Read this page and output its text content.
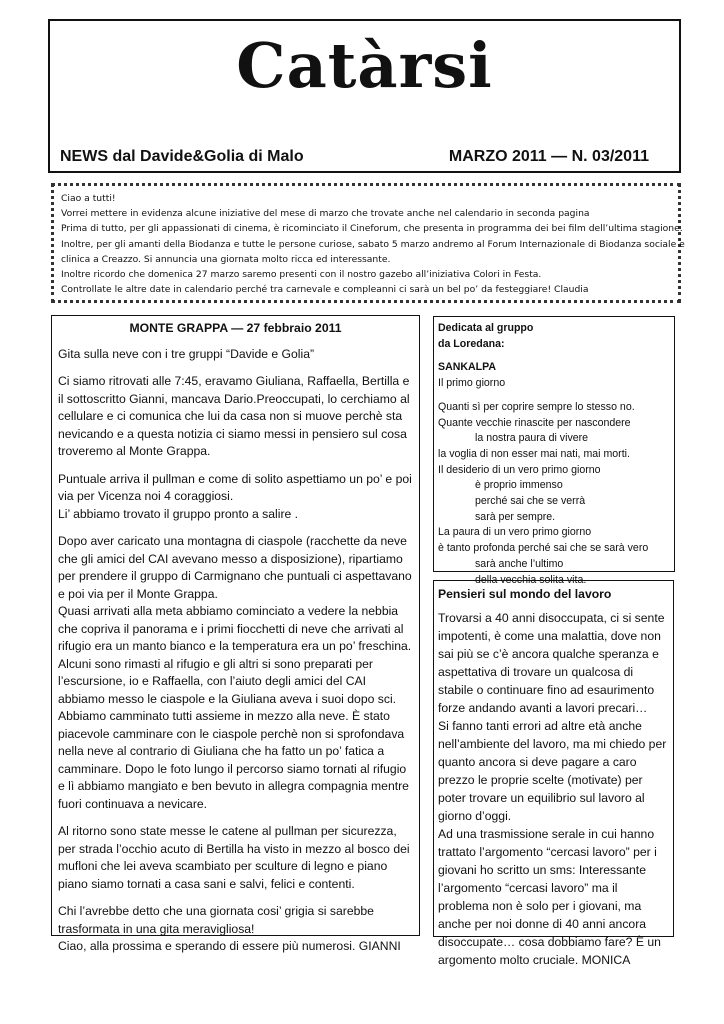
Catàrsi
NEWS dal Davide&Golia di Malo	MARZO 2011 — N. 03/2011

Ciao a tutti!

Vorrei mettere in evidenza alcune iniziative del mese di marzo che trovate anche nel calendario in seconda pagina

Prima di tutto, per gli appassionati di cinema, è ricominciato il Cineforum, che presenta in programma dei bei film dell’ultima stagione.

Inoltre, per gli amanti della Biodanza e tutte le persone curiose, sabato 5 marzo andremo al Forum Internazionale di Biodanza sociale e

clinica a Creazzo. Si annuncia una giornata molto ricca ed interessante.

Inoltre ricordo che domenica 27 marzo saremo presenti con il nostro gazebo all’iniziativa Colori in Festa.

Controllate le altre date in calendario perché tra carnevale e compleanni ci sarà un bel po’ da festeggiare! Claudia

MONTE GRAPPA — 27 febbraio 2011

Gita sulla neve con i tre gruppi “Davide e Golia”

Ci siamo ritrovati alle 7:45, eravamo Giuliana, Raffaella, Bertilla e il sottoscritto Gianni, mancava Dario.Preoccupati, lo cerchiamo al cellulare e ci comunica che lui da casa non si muove perchè sta nevicando e a questa notizia ci siamo messi in pensiero sul cosa troveremo al Monte Grappa.

Puntuale arriva il pullman e come di solito aspettiamo un po’ e poi via per Vicenza noi 4 coraggiosi.
Li’ abbiamo trovato il gruppo pronto a salire .

Dopo aver caricato una montagna di ciaspole (racchette da neve che gli amici del CAI avevano messo a disposizione), ripartiamo per prendere il gruppo di Carmignano che puntuali ci aspettavano e poi via per il Monte Grappa.
Quasi arrivati alla meta abbiamo cominciato a vedere la nebbia che copriva il panorama e i primi fiocchetti di neve che arrivati al rifugio era un manto bianco e la temperatura era un po’ freschina. Alcuni sono rimasti al rifugio e gli altri si sono preparati per l’escursione, io e Raffaella, con l’aiuto degli amici del CAI abbiamo messo le ciaspole e la Giuliana aveva i suoi dopo sci.
Abbiamo camminato tutti assieme in mezzo alla neve. È stato piacevole camminare con le ciaspole perchè non si sprofondava nella neve al contrario di Giuliana che ha fatto un po’ fatica a camminare. Dopo le foto lungo il percorso siamo tornati al rifugio e lì abbiamo mangiato e ben bevuto in allegra compagnia mentre fuori continuava a nevicare.

Al ritorno sono state messe le catene al pullman per sicurezza, per strada l’occhio acuto di Bertilla ha visto in mezzo al bosco dei mufloni che lei aveva scambiato per sculture di legno e piano piano siamo tornati a casa sani e salvi, felici e contenti.

Chi l’avrebbe detto che una giornata cosi’ grigia si sarebbe trasformata in una gita meravigliosa!
Ciao, alla prossima e sperando di essere più numerosi. GIANNI

Dedicata al gruppo

da Loredana:

SANKALPA

Il primo giorno

Quanti sì per coprire sempre lo stesso no.

Quante vecchie rinascite per nascondere

la nostra paura di vivere

la voglia di non esser mai nati, mai morti.

Il desiderio di un vero primo giorno

è proprio immenso

perché sai che se verrà

sarà per sempre.

La paura di un vero primo giorno

è tanto profonda perché sai che se sarà vero

sarà anche l’ultimo

della vecchia solita vita.

Pensieri sul mondo del lavoro

Trovarsi a 40 anni disoccupata, ci si sente impotenti, è come una malattia, dove non sai più se c’è ancora qualche speranza e aspettativa di trovare un qualcosa di stabile o continuare fino ad esaurimento forze andando avanti a lavori precari…

Si fanno tanti errori ad altre età anche nell’ambiente del lavoro, ma mi chiedo per quanto ancora si deve pagare a caro prezzo le proprie scelte (motivate) per poter trovare un equilibrio sul lavoro al giorno d’oggi.

Ad una trasmissione serale in cui hanno trattato l’argomento “cercasi lavoro” per i giovani ho scritto un sms: Interessante l’argomento “cercasi lavoro” ma il problema non è solo per i giovani, ma anche per noi donne di 40 anni ancora disoccupate… cosa dobbiamo fare? È un argomento molto cruciale. MONICA
